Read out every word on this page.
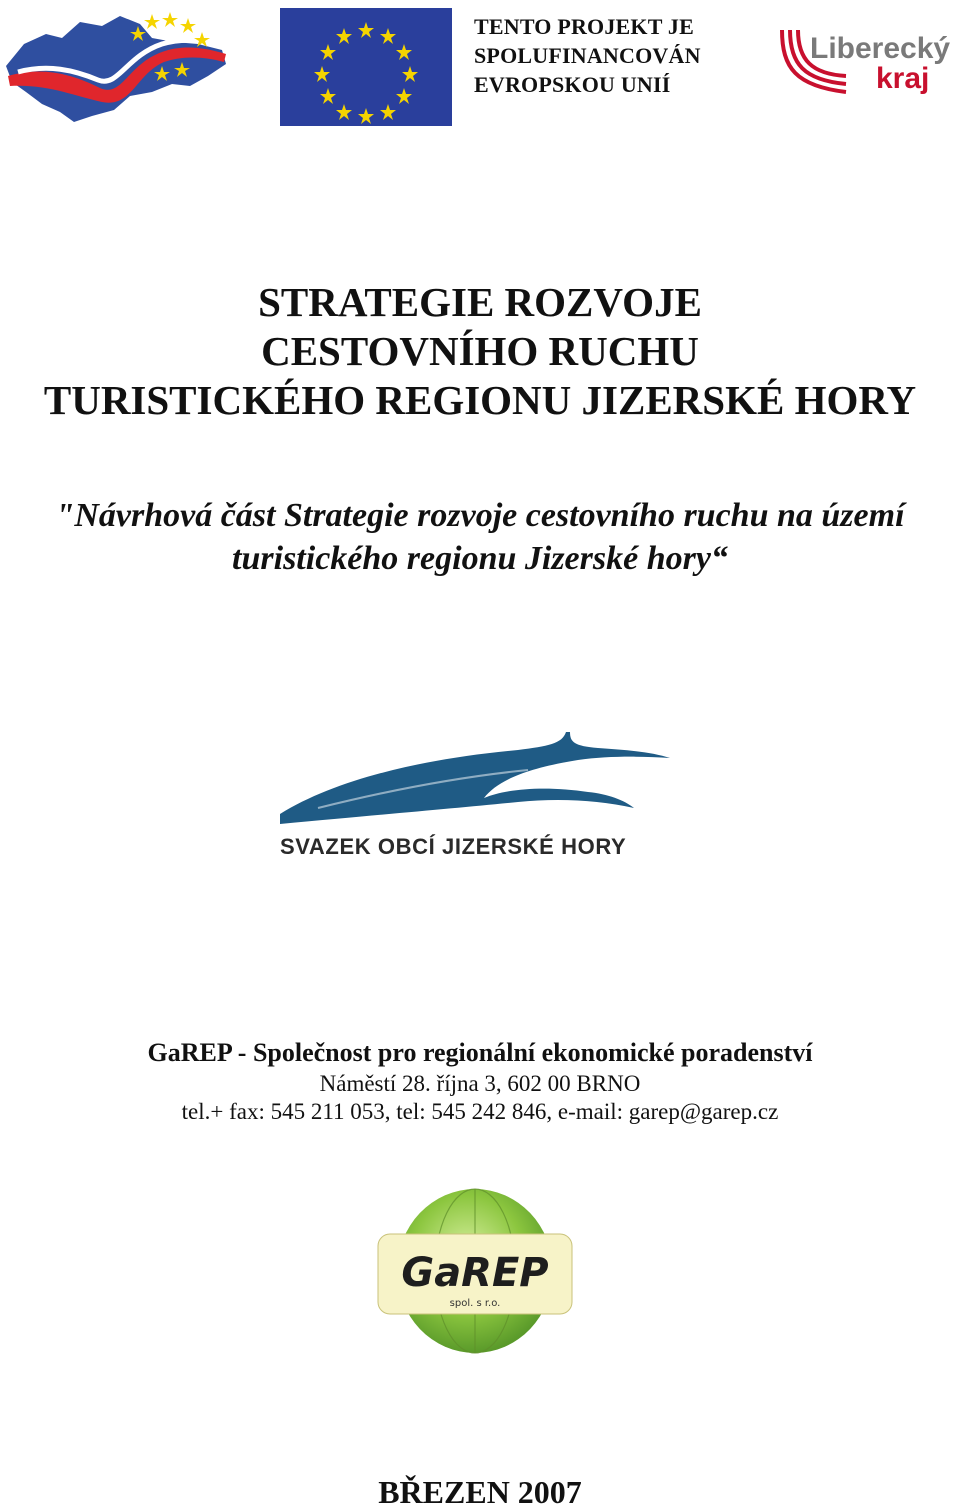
TENTO PROJEKT JE
SPOLUFINANCOVÁN
EVROPSKOU UNIÍ
Liberecký
kraj
STRATEGIE ROZVOJE
CESTOVNÍHO RUCHU
TURISTICKÉHO REGIONU JIZERSKÉ HORY
"Návrhová část Strategie rozvoje cestovního ruchu na území
turistického regionu Jizerské hory“
SVAZEK OBCÍ JIZERSKÉ HORY
GaREP - Společnost pro regionální ekonomické poradenství
Náměstí 28. října 3, 602 00 BRNO
tel.+ fax: 545 211 053, tel: 545 242 846, e-mail: garep@garep.cz
GaREP
spol. s r.o.
BŘEZEN 2007
